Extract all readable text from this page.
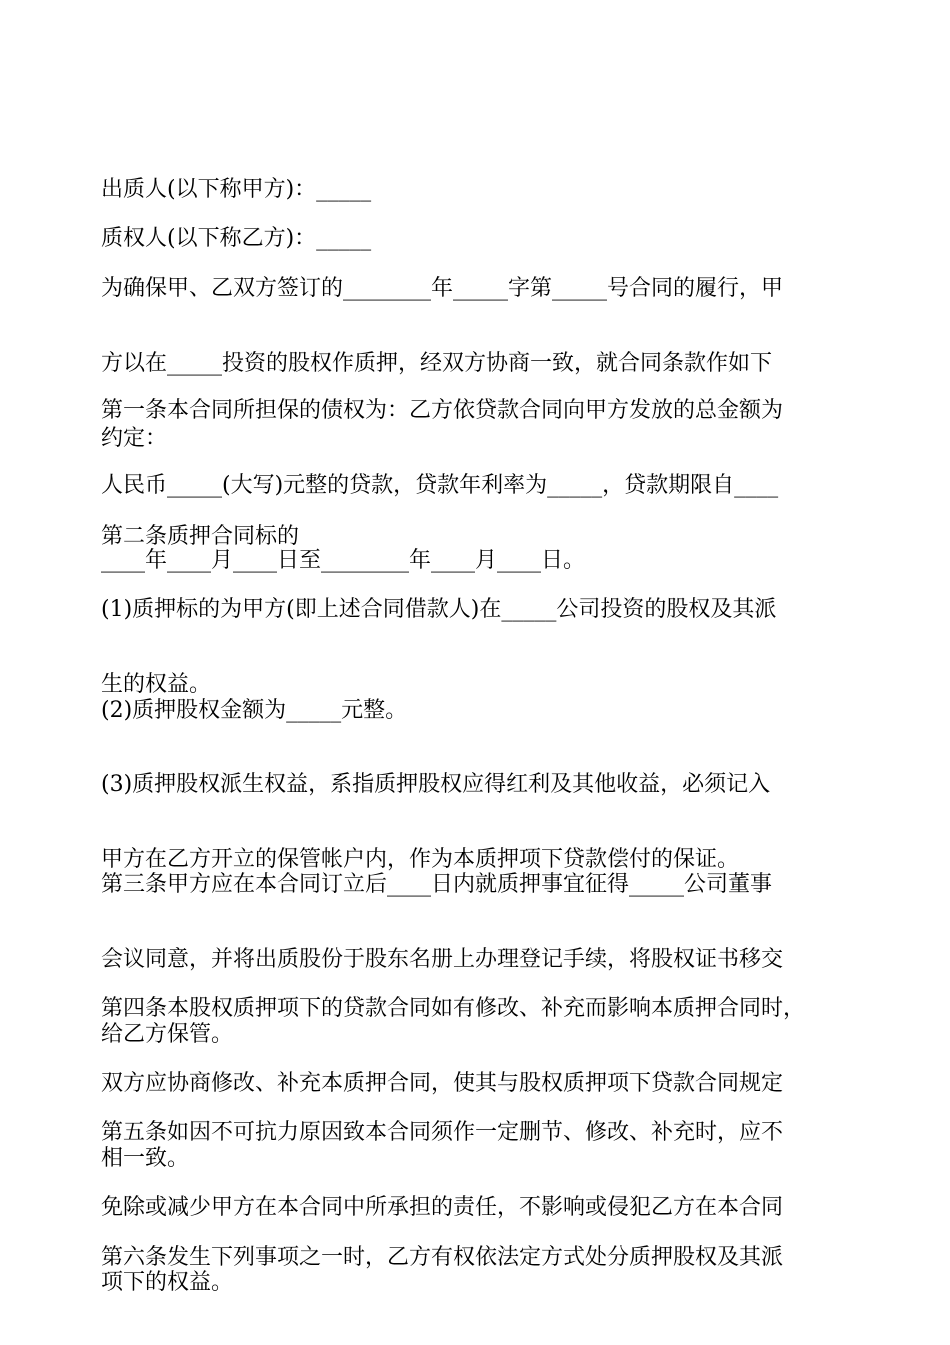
出质人(以下称甲方)：_____

质权人(以下称乙方)：_____

为确保甲、乙双方签订的________年_____字第_____号合同的履行，甲

方以在_____投资的股权作质押，经双方协商一致，就合同条款作如下

约定：

第一条本合同所担保的债权为：乙方依贷款合同向甲方发放的总金额为

人民币_____(大写)元整的贷款，贷款年利率为_____，贷款期限自____

____年____月____日至________年____月____日。

第二条质押合同标的

(1)质押标的为甲方(即上述合同借款人)在_____公司投资的股权及其派

生的权益。

(2)质押股权金额为_____元整。

(3)质押股权派生权益，系指质押股权应得红利及其他收益，必须记入

甲方在乙方开立的保管帐户内，作为本质押项下贷款偿付的保证。

第三条甲方应在本合同订立后____日内就质押事宜征得_____公司董事

会议同意，并将出质股份于股东名册上办理登记手续，将股权证书移交

给乙方保管。

第四条本股权质押项下的贷款合同如有修改、补充而影响本质押合同时，

双方应协商修改、补充本质押合同，使其与股权质押项下贷款合同规定

相一致。

第五条如因不可抗力原因致本合同须作一定删节、修改、补充时，应不

免除或减少甲方在本合同中所承担的责任，不影响或侵犯乙方在本合同

项下的权益。

第六条发生下列事项之一时，乙方有权依法定方式处分质押股权及其派
